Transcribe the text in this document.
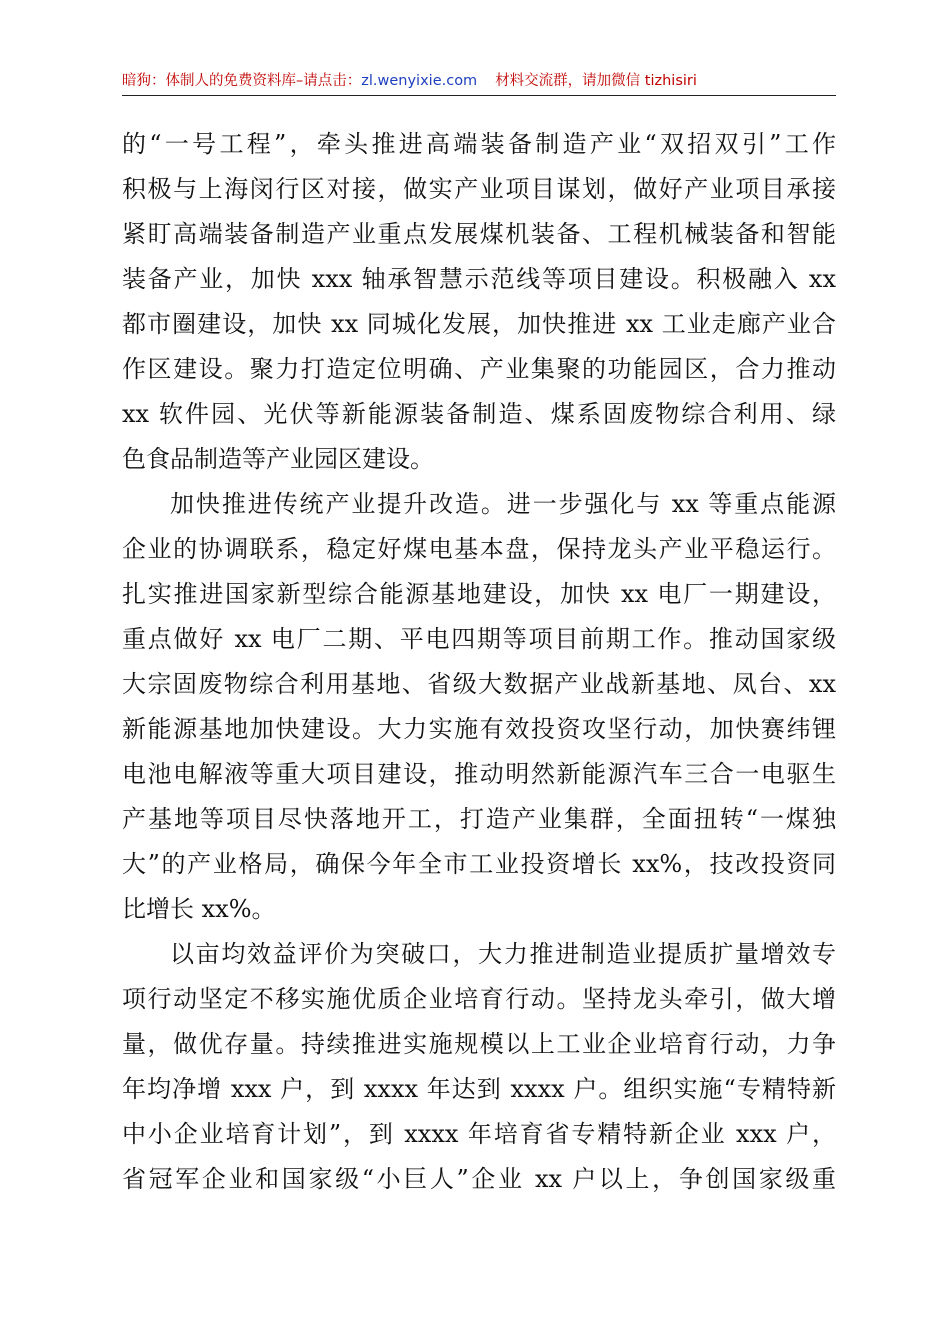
暗狗：体制人的免费资料库–请点击：zl.wenyixie.com 材料交流群，请加微信 tizhisiri
的“一号工程”，牵头推进高端装备制造产业“双招双引”工作
积极与上海闵行区对接，做实产业项目谋划，做好产业项目承接
紧盯高端装备制造产业重点发展煤机装备、工程机械装备和智能
装备产业，加快 xxx 轴承智慧示范线等项目建设。积极融入 xx
都市圈建设，加快 xx 同城化发展，加快推进 xx 工业走廊产业合
作区建设。聚力打造定位明确、产业集聚的功能园区，合力推动
xx 软件园、光伏等新能源装备制造、煤系固废物综合利用、绿
色食品制造等产业园区建设。
加快推进传统产业提升改造。进一步强化与 xx 等重点能源
企业的协调联系，稳定好煤电基本盘，保持龙头产业平稳运行。
扎实推进国家新型综合能源基地建设，加快 xx 电厂一期建设，
重点做好 xx 电厂二期、平电四期等项目前期工作。推动国家级
大宗固废物综合利用基地、省级大数据产业战新基地、凤台、xx
新能源基地加快建设。大力实施有效投资攻坚行动，加快赛纬锂
电池电解液等重大项目建设，推动明然新能源汽车三合一电驱生
产基地等项目尽快落地开工，打造产业集群，全面扭转“一煤独
大”的产业格局，确保今年全市工业投资增长 xx%，技改投资同
比增长 xx%。
以亩均效益评价为突破口，大力推进制造业提质扩量增效专
项行动坚定不移实施优质企业培育行动。坚持龙头牵引，做大增
量，做优存量。持续推进实施规模以上工业企业培育行动，力争
年均净增 xxx 户，到 xxxx 年达到 xxxx 户。组织实施“专精特新
中小企业培育计划”，到 xxxx 年培育省专精特新企业 xxx 户，
省冠军企业和国家级“小巨人”企业 xx 户以上，争创国家级重
